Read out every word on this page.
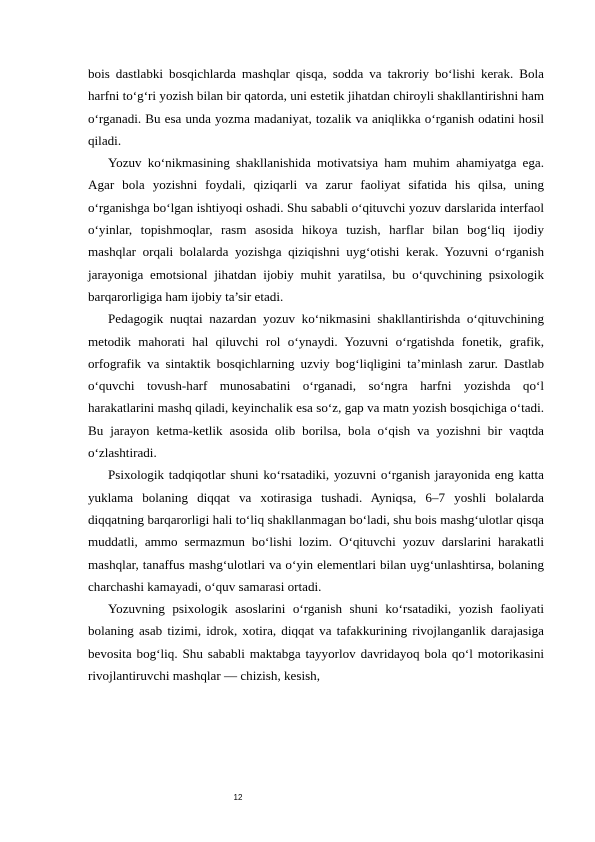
bois dastlabki bosqichlarda mashqlar qisqa, sodda va takroriy bo‘lishi kerak. Bola harfni to‘g‘ri yozish bilan bir qatorda, uni estetik jihatdan chiroyli shakllantirishni ham o‘rganadi. Bu esa unda yozma madaniyat, tozalik va aniqlikka o‘rganish odatini hosil qiladi.

Yozuv ko‘nikmasining shakllanishida motivatsiya ham muhim ahamiyatga ega. Agar bola yozishni foydali, qiziqarli va zarur faoliyat sifatida his qilsa, uning o‘rganishga bo‘lgan ishtiyoqi oshadi. Shu sababli o‘qituvchi yozuv darslarida interfaol o‘yinlar, topishmoqlar, rasm asosida hikoya tuzish, harflar bilan bog‘liq ijodiy mashqlar orqali bolalarda yozishga qiziqishni uyg‘otishi kerak. Yozuvni o‘rganish jarayoniga emotsional jihatdan ijobiy muhit yaratilsa, bu o‘quvchining psixologik barqarorligiga ham ijobiy ta’sir etadi.

Pedagogik nuqtai nazardan yozuv ko‘nikmasini shakllantirishda o‘qituvchining metodik mahorati hal qiluvchi rol o‘ynaydi. Yozuvni o‘rgatishda fonetik, grafik, orfografik va sintaktik bosqichlarning uzviy bog‘liqligini ta’minlash zarur. Dastlab o‘quvchi tovush-harf munosabatini o‘rganadi, so‘ngra harfni yozishda qo‘l harakatlarini mashq qiladi, keyinchalik esa so‘z, gap va matn yozish bosqichiga o‘tadi. Bu jarayon ketma-ketlik asosida olib borilsa, bola o‘qish va yozishni bir vaqtda o‘zlashtiradi.

Psixologik tadqiqotlar shuni ko‘rsatadiki, yozuvni o‘rganish jarayonida eng katta yuklama bolaning diqqat va xotirasiga tushadi. Ayniqsa, 6–7 yoshli bolalarda diqqatning barqarorligi hali to‘liq shakllanmagan bo‘ladi, shu bois mashg‘ulotlar qisqa muddatli, ammo sermazmun bo‘lishi lozim. O‘qituvchi yozuv darslarini harakatli mashqlar, tanaffus mashg‘ulotlari va o‘yin elementlari bilan uyg‘unlashtirsa, bolaning charchashi kamayadi, o‘quv samarasi ortadi.

Yozuvning psixologik asoslarini o‘rganish shuni ko‘rsatadiki, yozish faoliyati bolaning asab tizimi, idrok, xotira, diqqat va tafakkurining rivojlanganlik darajasiga bevosita bog‘liq. Shu sababli maktabga tayyorlov davridayoq bola qo‘l motorikasini rivojlantiruvchi mashqlar — chizish, kesish,

12
